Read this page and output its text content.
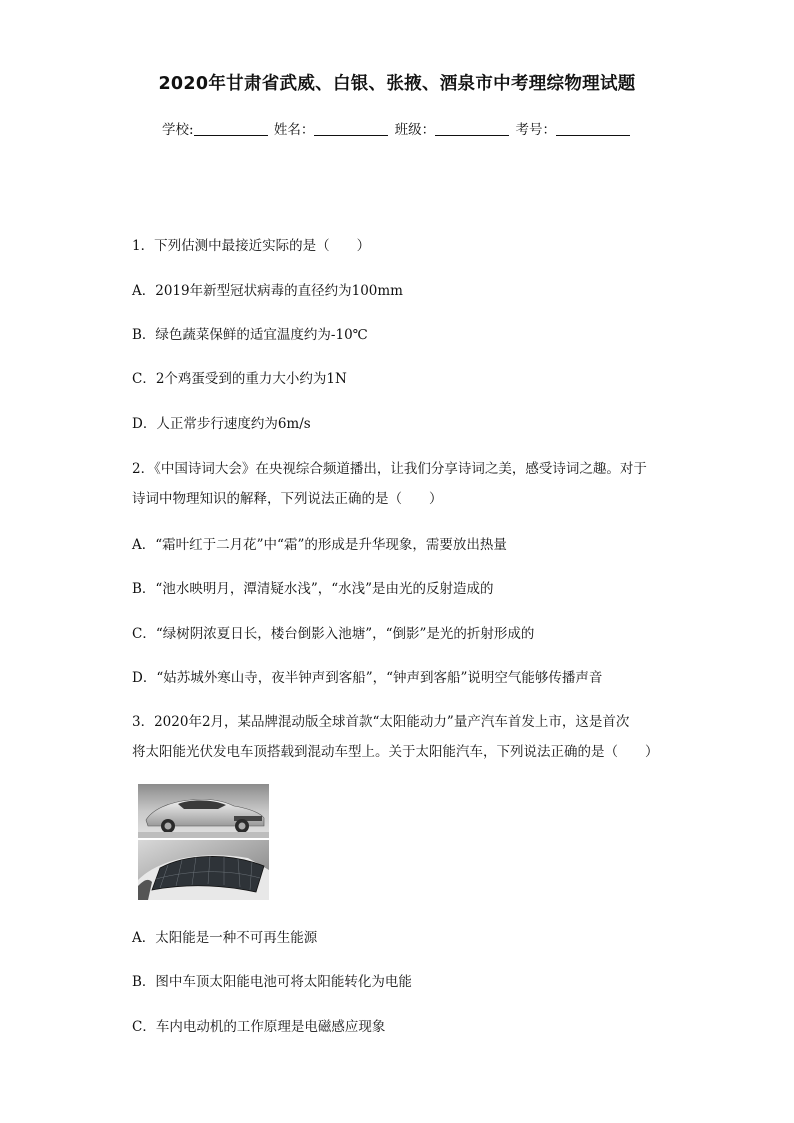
2020年甘肃省武威、白银、张掖、酒泉市中考理综物理试题
学校:	姓名：	班级：	考号：
1．下列估测中最接近实际的是（　　）
A．2019年新型冠状病毒的直径约为100mm
B．绿色蔬菜保鲜的适宜温度约为-10℃
C．2个鸡蛋受到的重力大小约为1N
D．人正常步行速度约为6m/s
2．《中国诗词大会》在央视综合频道播出，让我们分享诗词之美，感受诗词之趣。对于
诗词中物理知识的解释，下列说法正确的是（　　）
A．“霜叶红于二月花”中“霜”的形成是升华现象，需要放出热量
B．“池水映明月，潭清疑水浅”，“水浅”是由光的反射造成的
C．“绿树阴浓夏日长，楼台倒影入池塘”，“倒影”是光的折射形成的
D．“姑苏城外寒山寺，夜半钟声到客船”，“钟声到客船”说明空气能够传播声音
3．2020年2月，某品牌混动版全球首款“太阳能动力”量产汽车首发上市，这是首次
将太阳能光伏发电车顶搭载到混动车型上。关于太阳能汽车，下列说法正确的是（　　）
A．太阳能是一种不可再生能源
B．图中车顶太阳能电池可将太阳能转化为电能
C．车内电动机的工作原理是电磁感应现象
